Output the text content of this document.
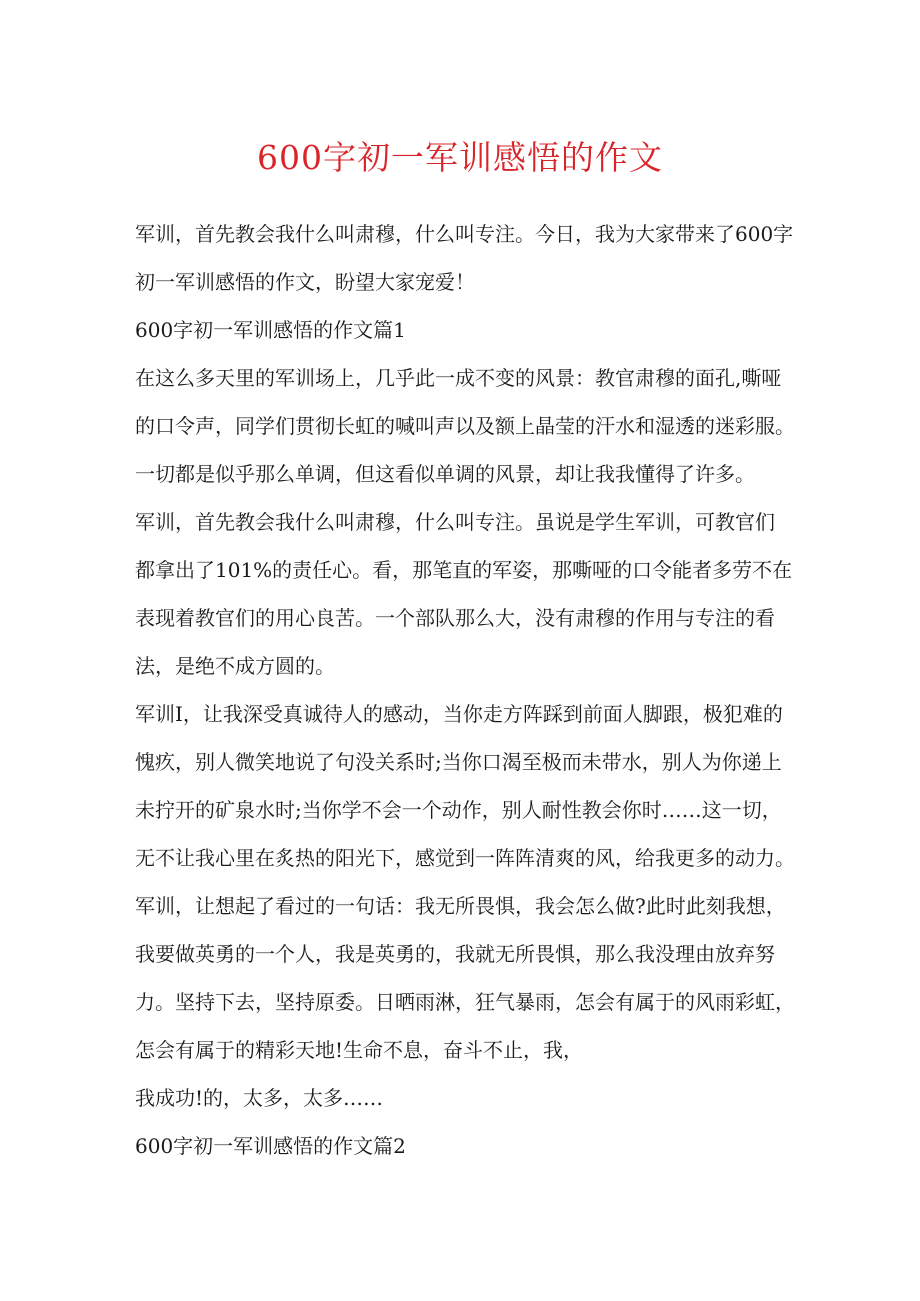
600字初一军训感悟的作文
军训，首先教会我什么叫肃穆，什么叫专注。今日，我为大家带来了600字
初一军训感悟的作文，盼望大家宠爱！
600字初一军训感悟的作文篇1
在这么多天里的军训场上，几乎此一成不变的风景：教官肃穆的面孔,嘶哑
的口令声，同学们贯彻长虹的喊叫声以及额上晶莹的汗水和湿透的迷彩服。
一切都是似乎那么单调，但这看似单调的风景，却让我我懂得了许多。
军训，首先教会我什么叫肃穆，什么叫专注。虽说是学生军训，可教官们
都拿出了101%的责任心。看，那笔直的军姿，那嘶哑的口令能者多劳不在
表现着教官们的用心良苦。一个部队那么大，没有肃穆的作用与专注的看
法，是绝不成方圆的。
军训I，让我深受真诚待人的感动，当你走方阵踩到前面人脚跟，极犯难的
愧疚，别人微笑地说了句没关系时;当你口渴至极而未带水，别人为你递上
未拧开的矿泉水时;当你学不会一个动作，别人耐性教会你时……这一切，
无不让我心里在炙热的阳光下，感觉到一阵阵清爽的风，给我更多的动力。
军训，让想起了看过的一句话：我无所畏惧，我会怎么做?此时此刻我想，
我要做英勇的一个人，我是英勇的，我就无所畏惧，那么我没理由放弃努
力。坚持下去，坚持原委。日晒雨淋，狂气暴雨，怎会有属于的风雨彩虹，
怎会有属于的精彩天地!生命不息，奋斗不止，我，
我成功!的，太多，太多……
600字初一军训感悟的作文篇2
